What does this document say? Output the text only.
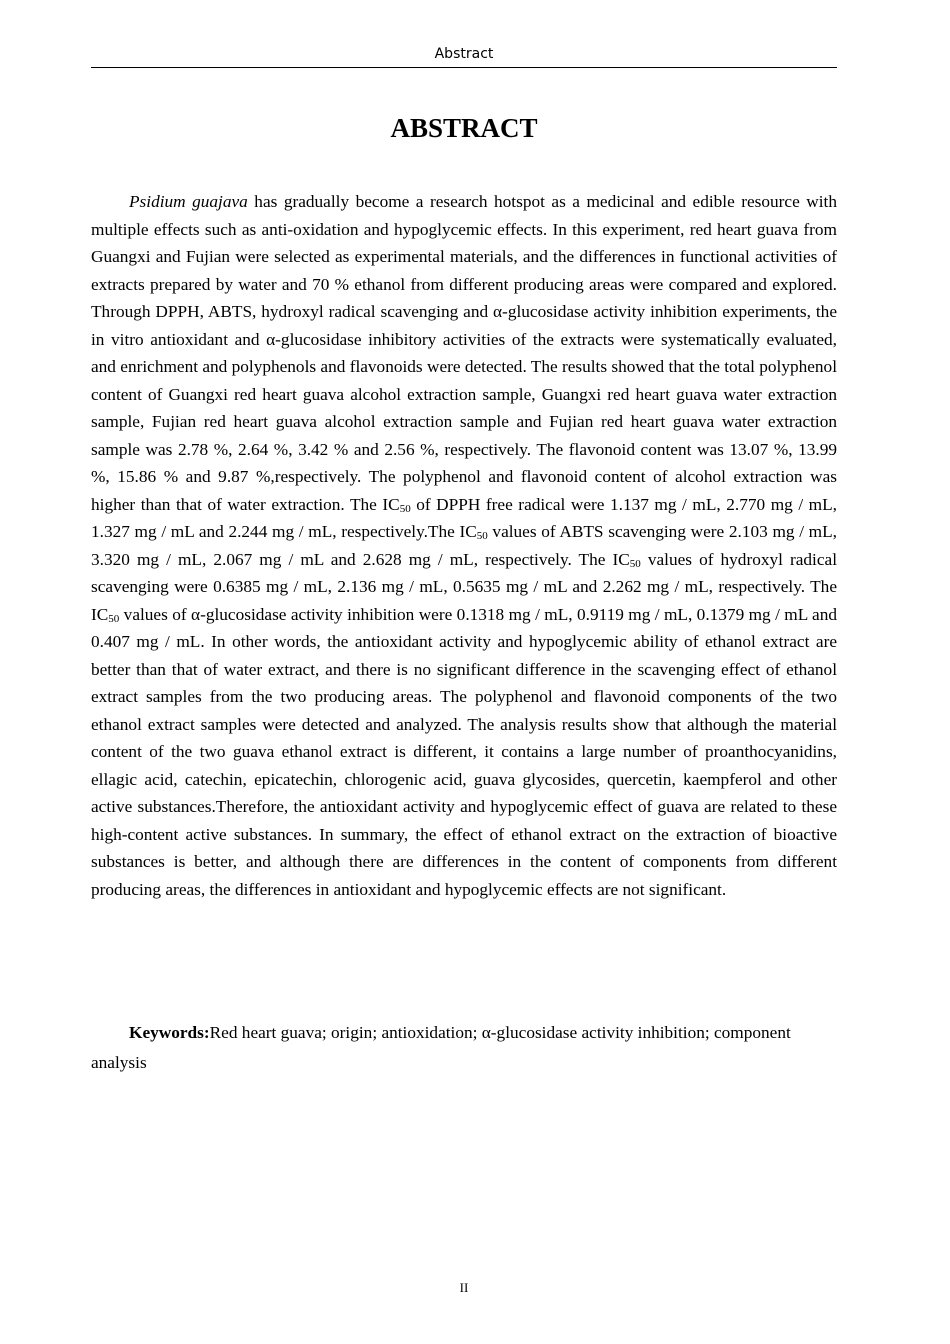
Abstract
ABSTRACT

Psidium guajava has gradually become a research hotspot as a medicinal and edible resource with multiple effects such as anti-oxidation and hypoglycemic effects. In this experiment, red heart guava from Guangxi and Fujian were selected as experimental materials, and the differences in functional activities of extracts prepared by water and 70 % ethanol from different producing areas were compared and explored. Through DPPH, ABTS, hydroxyl radical scavenging and α-glucosidase activity inhibition experiments, the in vitro antioxidant and α-glucosidase inhibitory activities of the extracts were systematically evaluated, and enrichment and polyphenols and flavonoids were detected. The results showed that the total polyphenol content of Guangxi red heart guava alcohol extraction sample, Guangxi red heart guava water extraction sample, Fujian red heart guava alcohol extraction sample and Fujian red heart guava water extraction sample was 2.78 %, 2.64 %, 3.42 % and 2.56 %, respectively. The flavonoid content was 13.07 %, 13.99 %, 15.86 % and 9.87 %,respectively. The polyphenol and flavonoid content of alcohol extraction was higher than that of water extraction. The $IC_{50}$ of DPPH free radical were 1.137 mg / mL, 2.770 mg / mL, 1.327 mg / mL and 2.244 mg / mL, respectively.The $IC_{50}$ values of ABTS scavenging were 2.103 mg / mL, 3.320 mg / mL, 2.067 mg / mL and 2.628 mg / mL, respectively. The $IC_{50}$ values of hydroxyl radical scavenging were 0.6385 mg / mL, 2.136 mg / mL, 0.5635 mg / mL and 2.262 mg / mL, respectively. The $IC_{50}$ values of α-glucosidase activity inhibition were 0.1318 mg / mL, 0.9119 mg / mL, 0.1379 mg / mL and 0.407 mg / mL. In other words, the antioxidant activity and hypoglycemic ability of ethanol extract are better than that of water extract, and there is no significant difference in the scavenging effect of ethanol extract samples from the two producing areas. The polyphenol and flavonoid components of the two ethanol extract samples were detected and analyzed. The analysis results show that although the material content of the two guava ethanol extract is different, it contains a large number of proanthocyanidins, ellagic acid, catechin, epicatechin, chlorogenic acid, guava glycosides, quercetin, kaempferol and other active substances.Therefore, the antioxidant activity and hypoglycemic effect of guava are related to these high-content active substances. In summary, the effect of ethanol extract on the extraction of bioactive substances is better, and although there are differences in the content of components from different producing areas, the differences in antioxidant and hypoglycemic effects are not significant.

Keywords:Red heart guava; origin; antioxidation; α-glucosidase activity inhibition; component analysis

II
